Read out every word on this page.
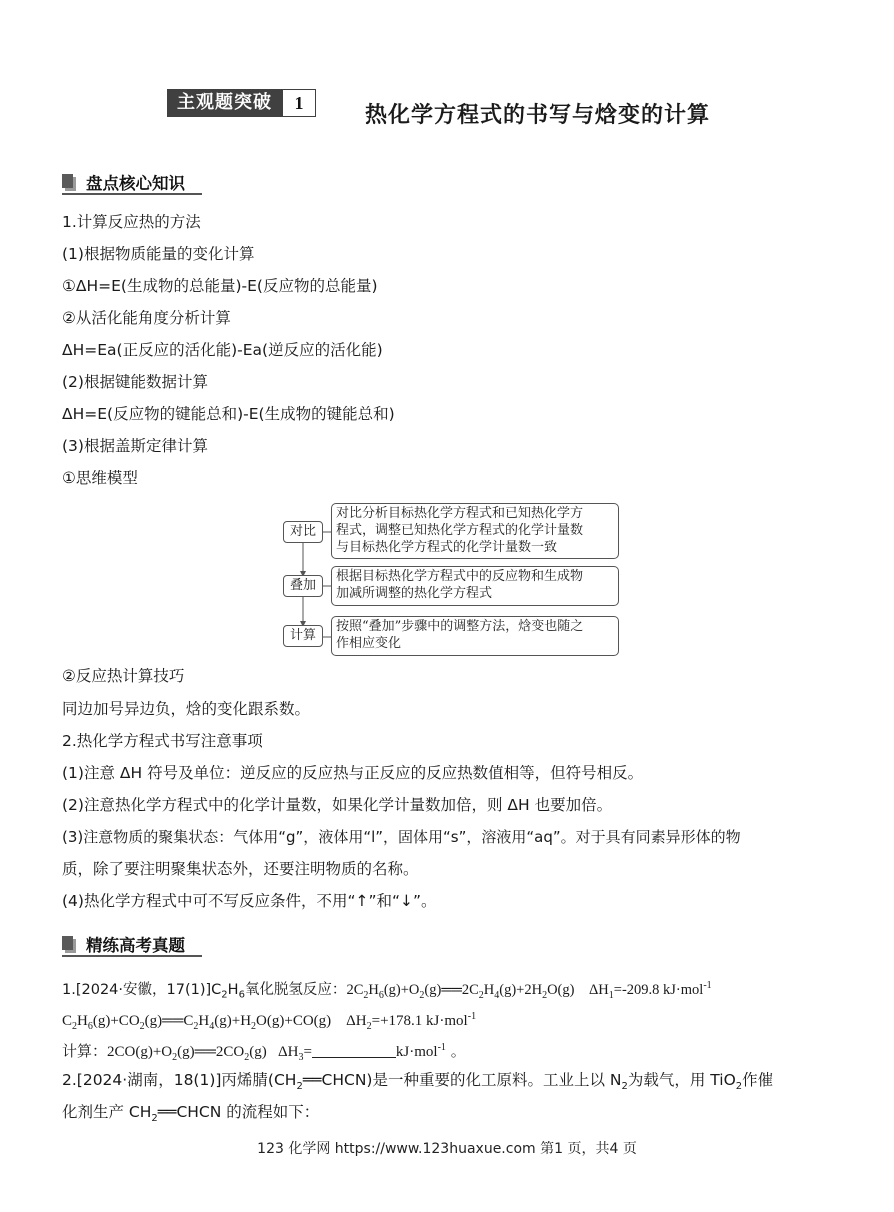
主观题突破	1	热化学方程式的书写与焓变的计算
盘点核心知识
1.计算反应热的方法
(1)根据物质能量的变化计算
①ΔH=E(生成物的总能量)-E(反应物的总能量)
②从活化能角度分析计算
ΔH=Ea(正反应的活化能)-Ea(逆反应的活化能)
(2)根据键能数据计算
ΔH=E(反应物的键能总和)-E(生成物的键能总和)
(3)根据盖斯定律计算
①思维模型
对比
对比分析目标热化学方程式和已知热化学方
程式，调整已知热化学方程式的化学计量数
与目标热化学方程式的化学计量数一致
叠加
根据目标热化学方程式中的反应物和生成物
加减所调整的热化学方程式
计算
按照“叠加”步骤中的调整方法，焓变也随之
作相应变化
②反应热计算技巧
同边加号异边负，焓的变化跟系数。
2.热化学方程式书写注意事项
(1)注意 ΔH 符号及单位：逆反应的反应热与正反应的反应热数值相等，但符号相反。
(2)注意热化学方程式中的化学计量数，如果化学计量数加倍，则 ΔH 也要加倍。
(3)注意物质的聚集状态：气体用“g”，液体用“l”，固体用“s”，溶液用“aq”。对于具有同素异形体的物
质，除了要注明聚集状态外，还要注明物质的名称。
(4)热化学方程式中可不写反应条件，不用“↑”和“↓”。
精练高考真题
1.[2024·安徽，$17(1)]C_2H_6$氧化脱氢反应：$2C_2H_6(g)+O_2(g)══2C_2H_4(g)+2H_2O(g)$    $\Delta H_1=-209.8$ kJ·mol$^{-1}$
$C_2H_6(g)+CO_2(g)══C_2H_4(g)+H_2O(g)+CO(g)$    $\Delta H_2=+178.1$ kJ·mol$^{-1}$
计算：$2CO(g)+O_2(g)══2CO_2(g)$   $\Delta H_3=$	kJ·mol$^{-1}$ 。
2.[2024·湖南，18(1)]丙烯腈$(CH_2══CHCN)$是一种重要的化工原料。工业上以 $N_2$为载气，用 TiO$_2$作催
化剂生产 $CH_2══CHCN$ 的流程如下：
123 化学网 https://www.123huaxue.com 第1 页，共4 页
